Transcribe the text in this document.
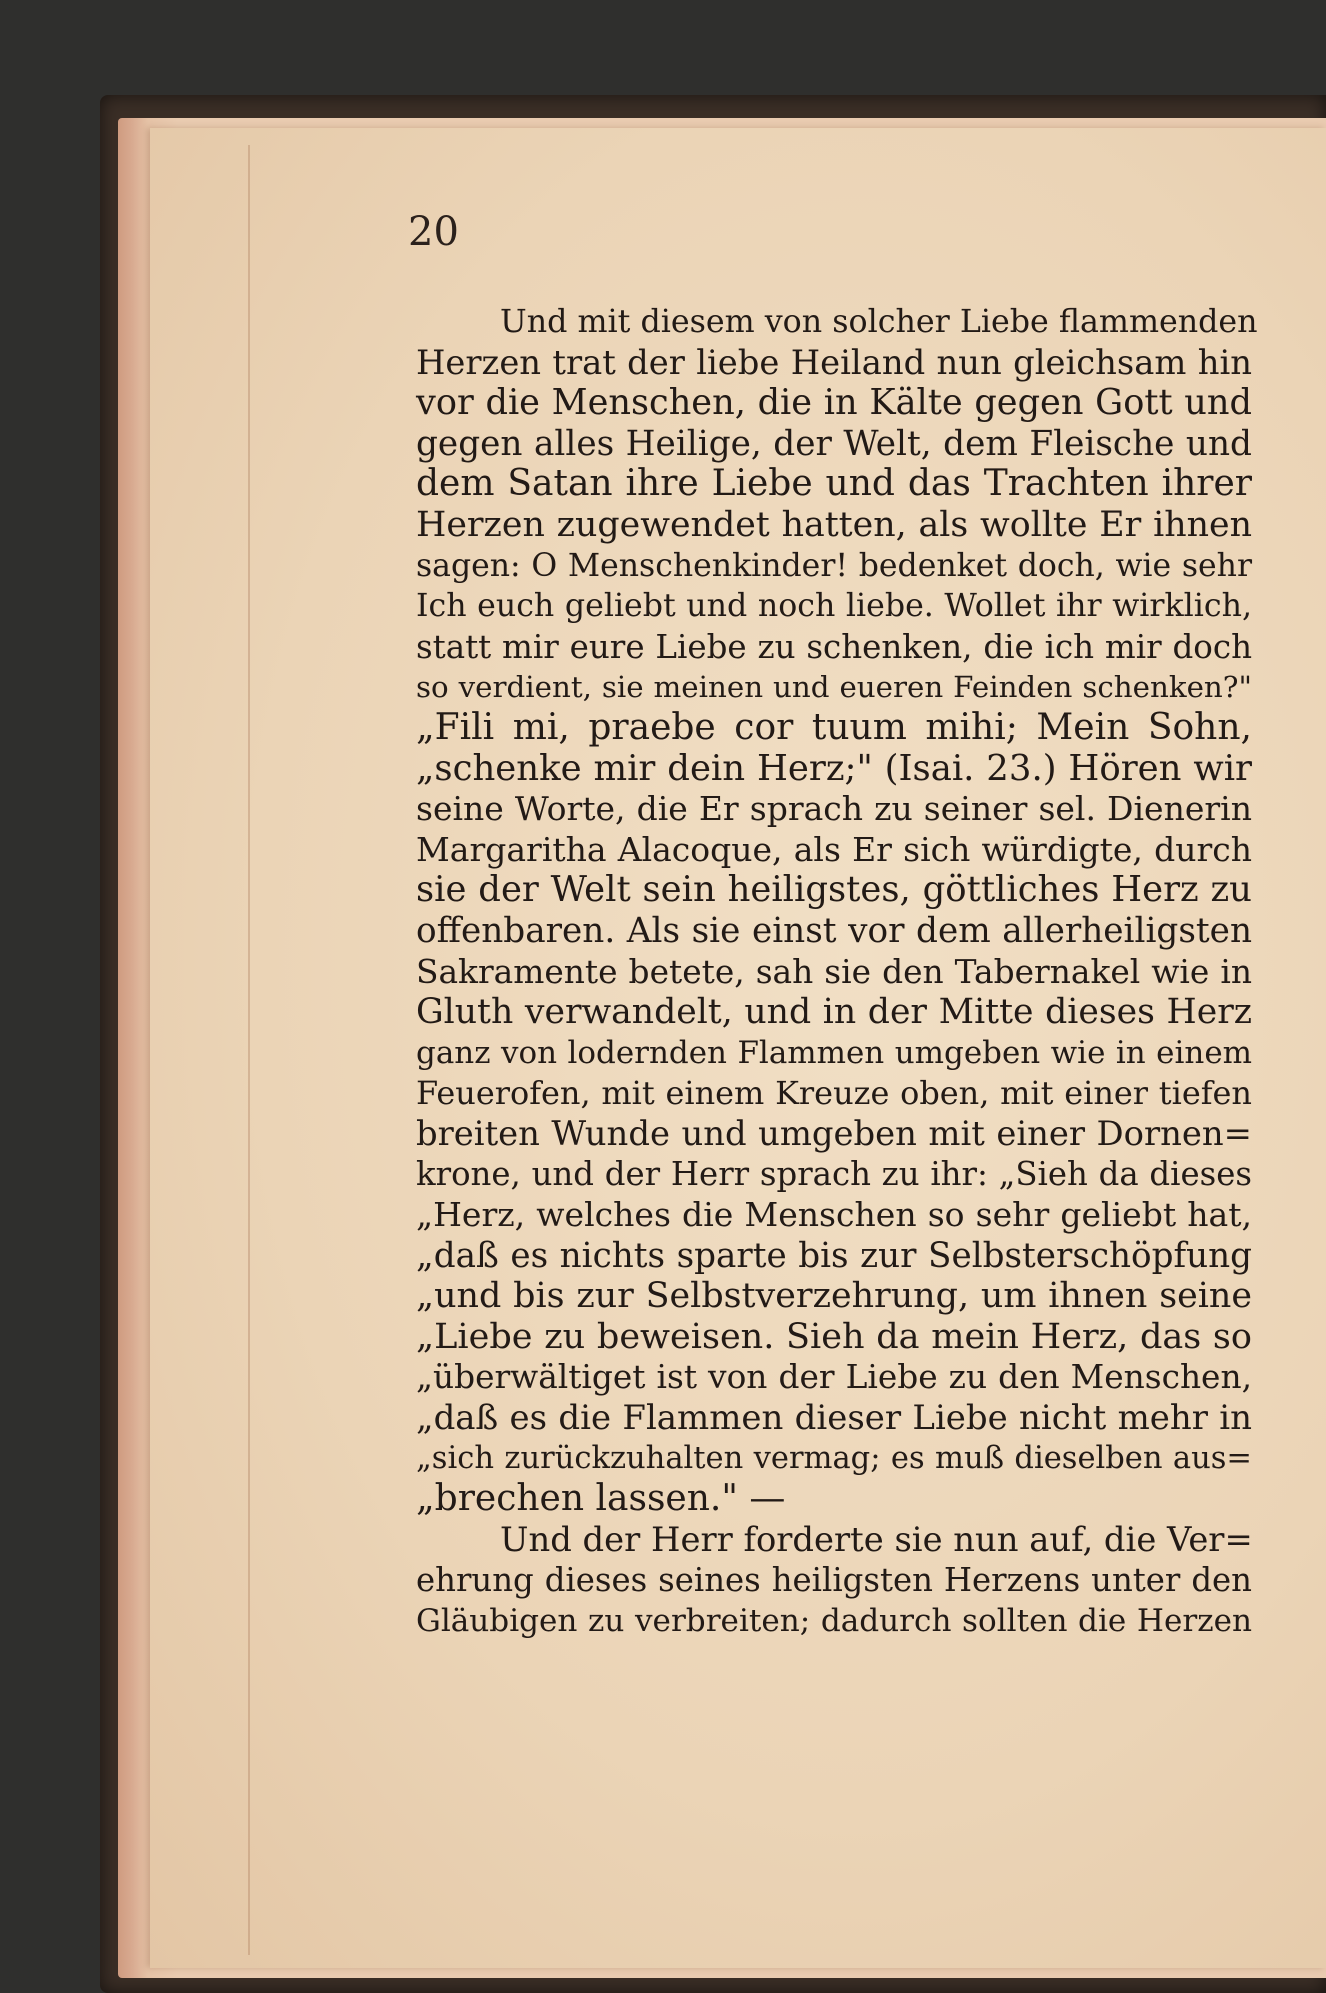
20

Und mit diesem von solcher Liebe flammenden
Herzen trat der liebe Heiland nun gleichsam hin
vor die Menschen, die in Kälte gegen Gott und
gegen alles Heilige, der Welt, dem Fleische und
dem Satan ihre Liebe und das Trachten ihrer
Herzen zugewendet hatten, als wollte Er ihnen
sagen: O Menschenkinder! bedenket doch, wie sehr
Ich euch geliebt und noch liebe. Wollet ihr wirklich,
statt mir eure Liebe zu schenken, die ich mir doch
so verdient, sie meinen und eueren Feinden schenken?"
„Fili mi, praebe cor tuum mihi; Mein Sohn,
„schenke mir dein Herz;" (Isai. 23.) Hören wir
seine Worte, die Er sprach zu seiner sel. Dienerin
Margaritha Alacoque, als Er sich würdigte, durch
sie der Welt sein heiligstes, göttliches Herz zu
offenbaren. Als sie einst vor dem allerheiligsten
Sakramente betete, sah sie den Tabernakel wie in
Gluth verwandelt, und in der Mitte dieses Herz
ganz von lodernden Flammen umgeben wie in einem
Feuerofen, mit einem Kreuze oben, mit einer tiefen
breiten Wunde und umgeben mit einer Dornen=
krone, und der Herr sprach zu ihr: „Sieh da dieses
„Herz, welches die Menschen so sehr geliebt hat,
„daß es nichts sparte bis zur Selbsterschöpfung
„und bis zur Selbstverzehrung, um ihnen seine
„Liebe zu beweisen. Sieh da mein Herz, das so
„überwältiget ist von der Liebe zu den Menschen,
„daß es die Flammen dieser Liebe nicht mehr in
„sich zurückzuhalten vermag; es muß dieselben aus=
„brechen lassen." —
Und der Herr forderte sie nun auf, die Ver=
ehrung dieses seines heiligsten Herzens unter den
Gläubigen zu verbreiten; dadurch sollten die Herzen
